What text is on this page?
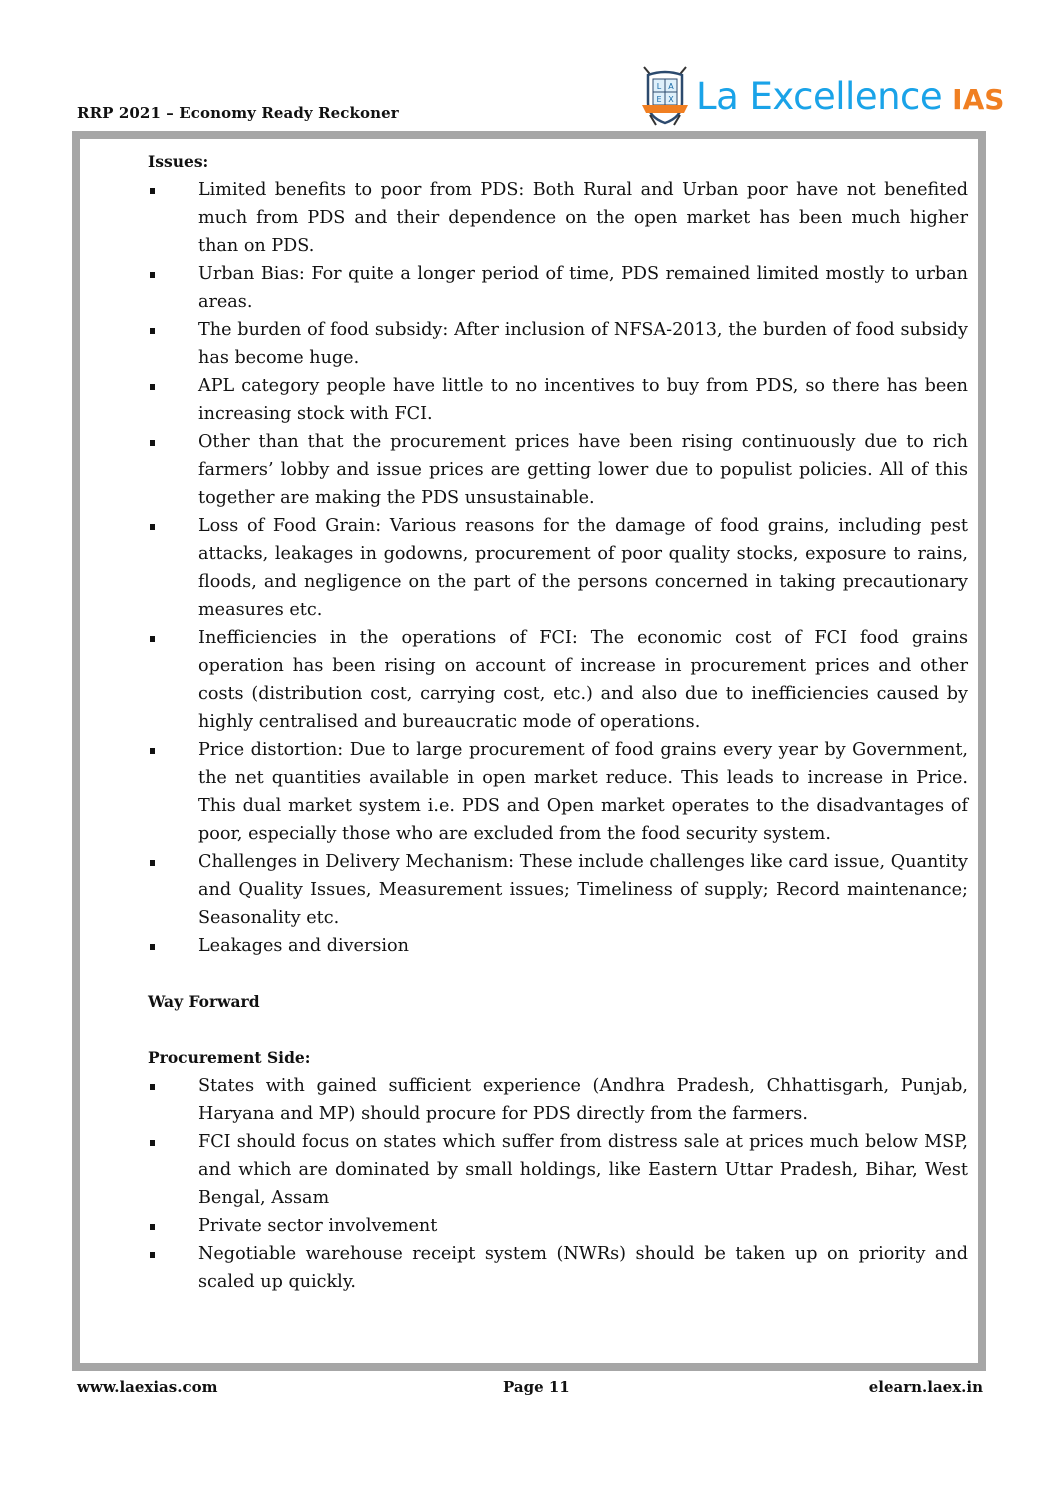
RRP 2021 – Economy Ready Reckoner
L A
E X La Excellence IAS

Issues:

Limited benefits to poor from PDS: Both Rural and Urban poor have not benefited much from PDS and their dependence on the open market has been much higher than on PDS.
Urban Bias: For quite a longer period of time, PDS remained limited mostly to urban areas.
The burden of food subsidy: After inclusion of NFSA-2013, the burden of food subsidy has become huge.
APL category people have little to no incentives to buy from PDS, so there has been increasing stock with FCI.
Other than that the procurement prices have been rising continuously due to rich farmers’ lobby and issue prices are getting lower due to populist policies. All of this together are making the PDS unsustainable.
Loss of Food Grain: Various reasons for the damage of food grains, including pest attacks, leakages in godowns, procurement of poor quality stocks, exposure to rains, floods, and negligence on the part of the persons concerned in taking precautionary measures etc.
Inefficiencies in the operations of FCI: The economic cost of FCI food grains operation has been rising on account of increase in procurement prices and other costs (distribution cost, carrying cost, etc.) and also due to inefficiencies caused by highly centralised and bureaucratic mode of operations.
Price distortion: Due to large procurement of food grains every year by Government, the net quantities available in open market reduce. This leads to increase in Price. This dual market system i.e. PDS and Open market operates to the disadvantages of poor, especially those who are excluded from the food security system.
Challenges in Delivery Mechanism: These include challenges like card issue, Quantity and Quality Issues, Measurement issues; Timeliness of supply; Record maintenance; Seasonality etc.
Leakages and diversion

Way Forward

Procurement Side:

States with gained sufficient experience (Andhra Pradesh, Chhattisgarh, Punjab, Haryana and MP) should procure for PDS directly from the farmers.
FCI should focus on states which suffer from distress sale at prices much below MSP, and which are dominated by small holdings, like Eastern Uttar Pradesh, Bihar, West Bengal, Assam
Private sector involvement
Negotiable warehouse receipt system (NWRs) should be taken up on priority and scaled up quickly.
www.laexias.com	Page 11	elearn.laex.in
